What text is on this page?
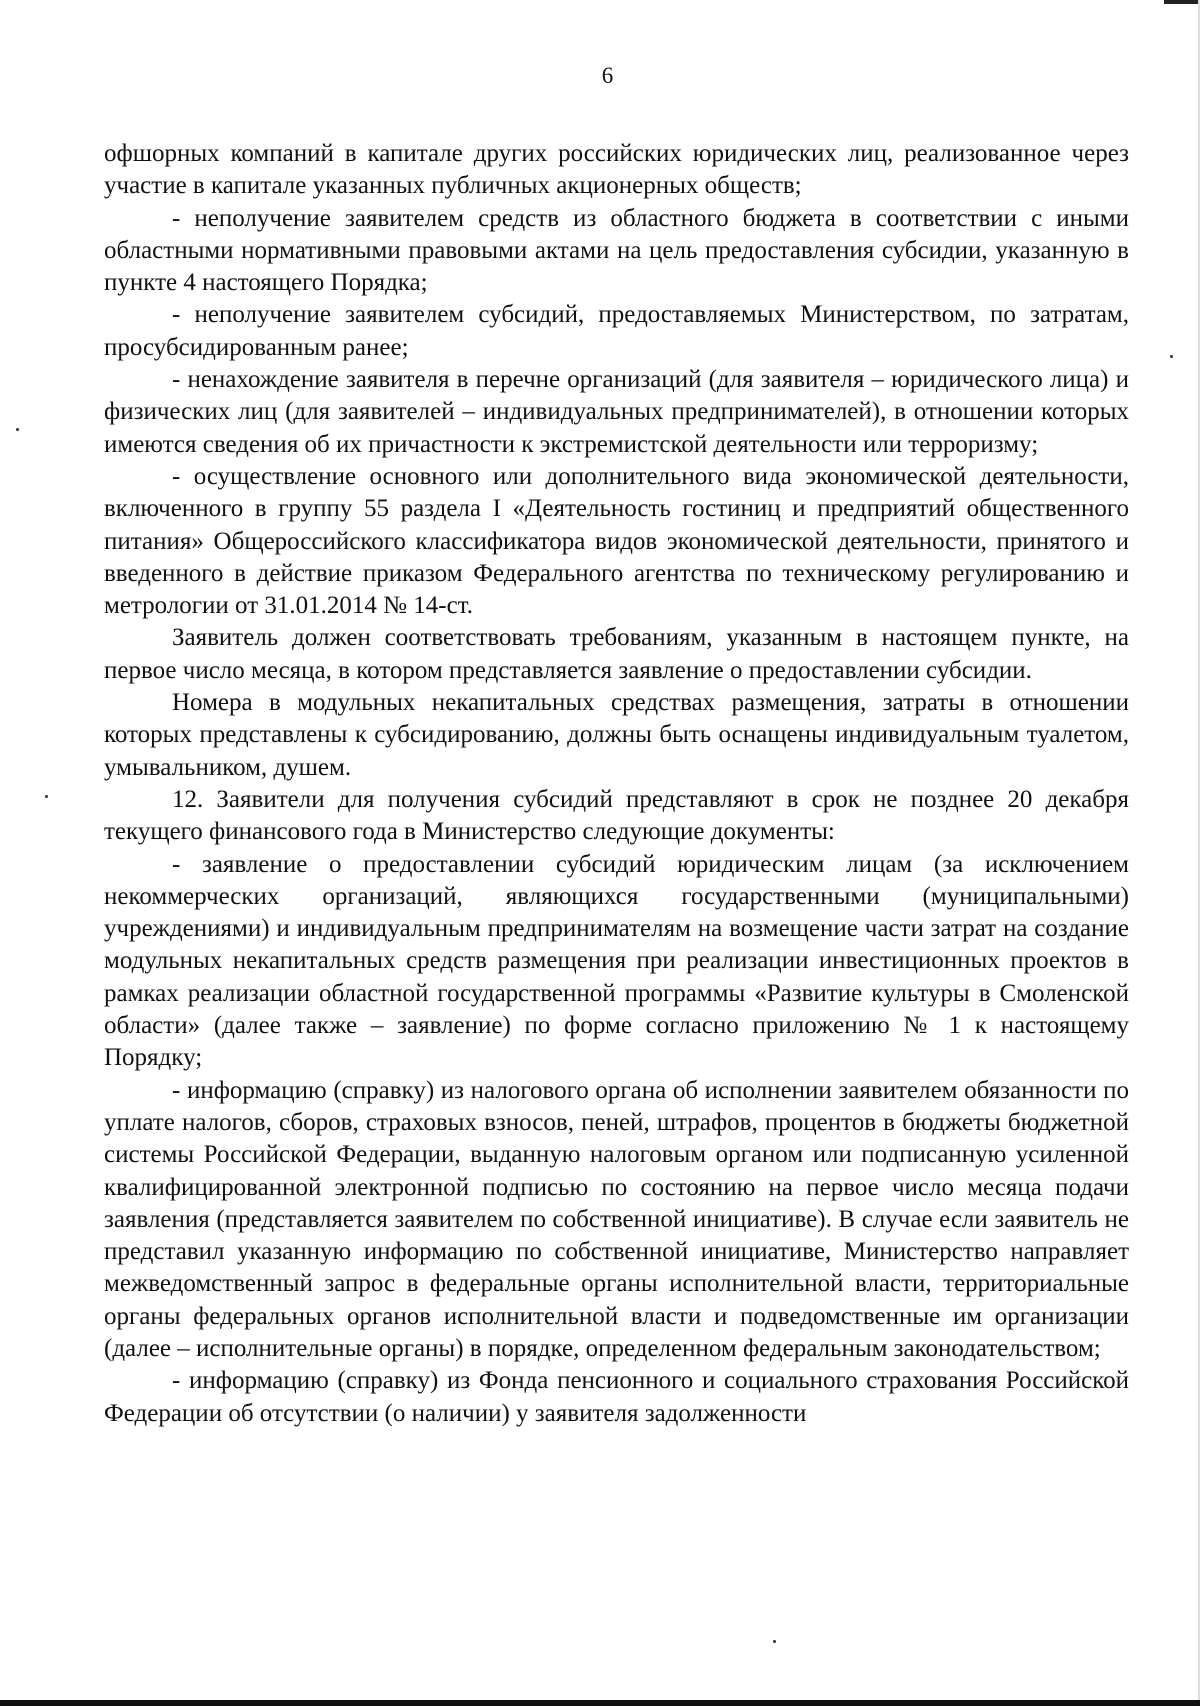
6

офшорных компаний в капитале других российских юридических лиц, реализованное через участие в капитале указанных публичных акционерных обществ;

- неполучение заявителем средств из областного бюджета в соответствии с иными областными нормативными правовыми актами на цель предоставления субсидии, указанную в пункте 4 настоящего Порядка;

- неполучение заявителем субсидий, предоставляемых Министерством, по затратам, просубсидированным ранее;

- ненахождение заявителя в перечне организаций (для заявителя – юридического лица) и физических лиц (для заявителей – индивидуальных предпринимателей), в отношении которых имеются сведения об их причастности к экстремистской деятельности или терроризму;

- осуществление основного или дополнительного вида экономической деятельности, включенного в группу 55 раздела I «Деятельность гостиниц и предприятий общественного питания» Общероссийского классификатора видов экономической деятельности, принятого и введенного в действие приказом Федерального агентства по техническому регулированию и метрологии от 31.01.2014 № 14-ст.

Заявитель должен соответствовать требованиям, указанным в настоящем пункте, на первое число месяца, в котором представляется заявление о предоставлении субсидии.

Номера в модульных некапитальных средствах размещения, затраты в отношении которых представлены к субсидированию, должны быть оснащены индивидуальным туалетом, умывальником, душем.

12. Заявители для получения субсидий представляют в срок не позднее 20 декабря текущего финансового года в Министерство следующие документы:

- заявление о предоставлении субсидий юридическим лицам (за исключением некоммерческих организаций, являющихся государственными (муниципальными) учреждениями) и индивидуальным предпринимателям на возмещение части затрат на создание модульных некапитальных средств размещения при реализации инвестиционных проектов в рамках реализации областной государственной программы «Развитие культуры в Смоленской области» (далее также – заявление) по форме согласно приложению № 1 к настоящему Порядку;

- информацию (справку) из налогового органа об исполнении заявителем обязанности по уплате налогов, сборов, страховых взносов, пеней, штрафов, процентов в бюджеты бюджетной системы Российской Федерации, выданную налоговым органом или подписанную усиленной квалифицированной электронной подписью по состоянию на первое число месяца подачи заявления (представляется заявителем по собственной инициативе). В случае если заявитель не представил указанную информацию по собственной инициативе, Министерство направляет межведомственный запрос в федеральные органы исполнительной власти, территориальные органы федеральных органов исполнительной власти и подведомственные им организации (далее – исполнительные органы) в порядке, определенном федеральным законодательством;

- информацию (справку) из Фонда пенсионного и социального страхования Российской Федерации об отсутствии (о наличии) у заявителя задолженности
